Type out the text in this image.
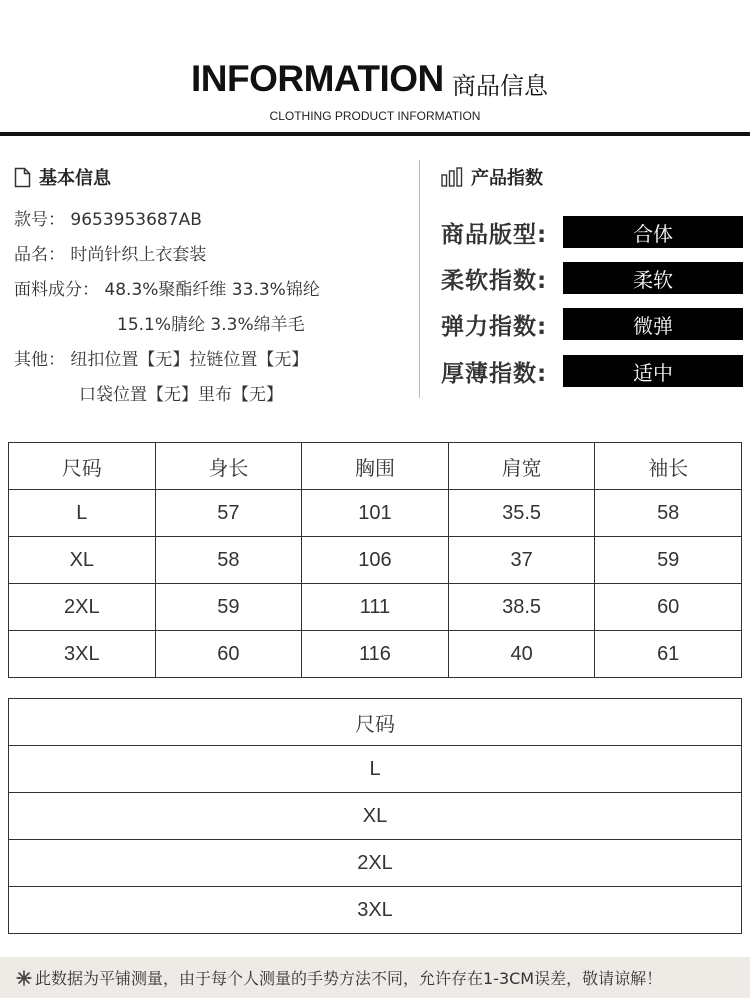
INFORMATION 商品信息
CLOTHING PRODUCT INFORMATION
基本信息
款号： 9653953687AB
品名： 时尚针织上衣套装
面料成分： 48.3%聚酯纤维 33.3%锦纶
15.1%腈纶 3.3%绵羊毛
其他： 纽扣位置【无】拉链位置【无】
口袋位置【无】里布【无】
产品指数
商品版型:	合体
柔软指数:	柔软
弹力指数:	微弹
厚薄指数:	适中
尺码	身长	胸围	肩宽	袖长
L	57	101	35.5	58
XL	58	106	37	59
2XL	59	111	38.5	60
3XL	60	116	40	61
尺码
L
XL
2XL
3XL
此数据为平铺测量，由于每个人测量的手势方法不同，允许存在1-3CM误差，敬请谅解！
